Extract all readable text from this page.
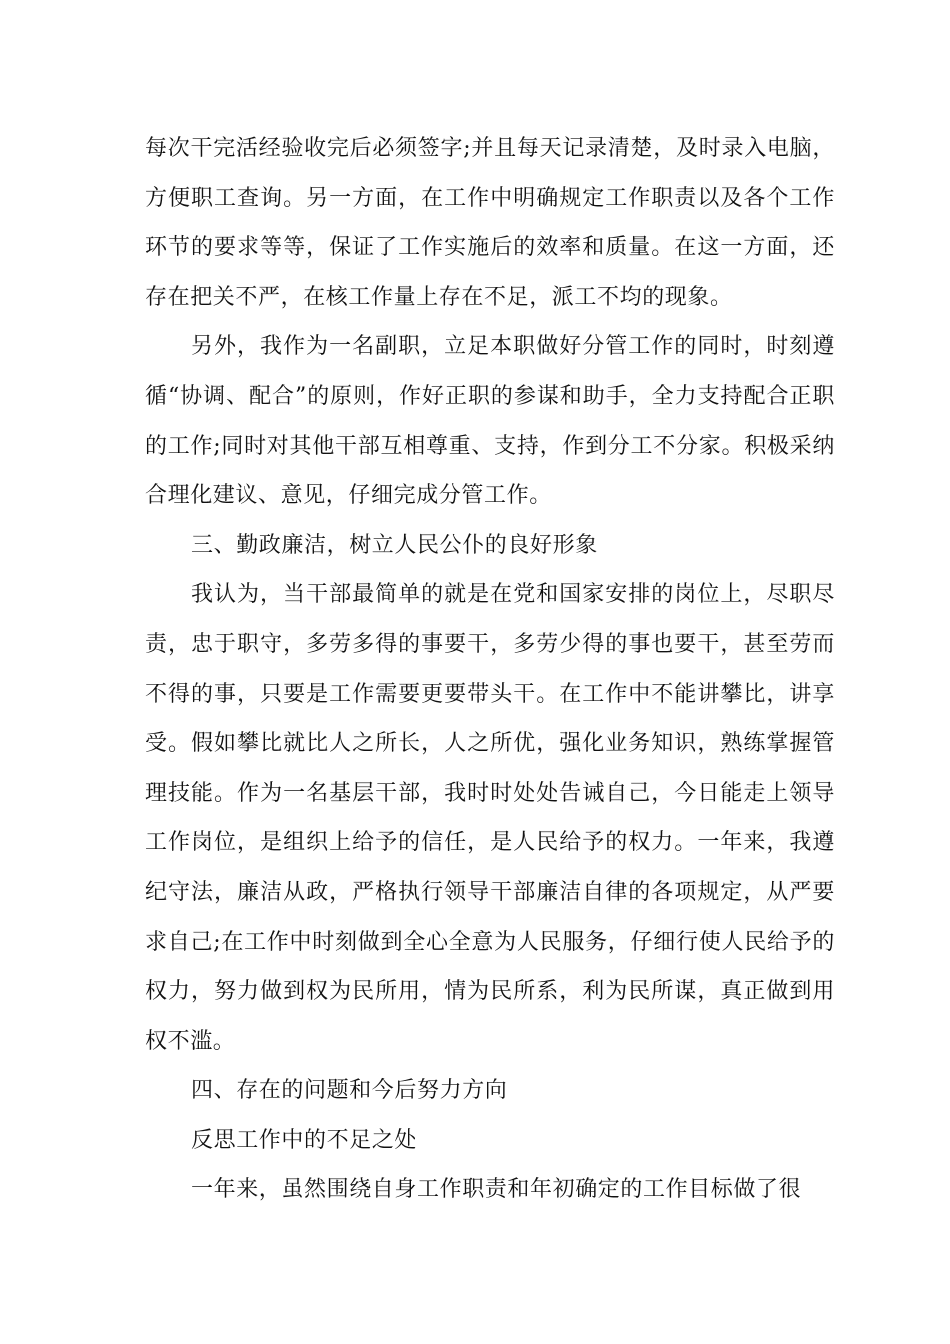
每次干完活经验收完后必须签字;并且每天记录清楚，及时录入电脑，方便职工查询。另一方面，在工作中明确规定工作职责以及各个工作环节的要求等等，保证了工作实施后的效率和质量。在这一方面，还存在把关不严，在核工作量上存在不足，派工不均的现象。

另外，我作为一名副职，立足本职做好分管工作的同时，时刻遵循“协调、配合”的原则，作好正职的参谋和助手，全力支持配合正职的工作;同时对其他干部互相尊重、支持，作到分工不分家。积极采纳合理化建议、意见，仔细完成分管工作。

三、勤政廉洁，树立人民公仆的良好形象

我认为，当干部最简单的就是在党和国家安排的岗位上，尽职尽责，忠于职守，多劳多得的事要干，多劳少得的事也要干，甚至劳而不得的事，只要是工作需要更要带头干。在工作中不能讲攀比，讲享受。假如攀比就比人之所长，人之所优，强化业务知识，熟练掌握管理技能。作为一名基层干部，我时时处处告诫自己，今日能走上领导工作岗位，是组织上给予的信任，是人民给予的权力。一年来，我遵纪守法，廉洁从政，严格执行领导干部廉洁自律的各项规定，从严要求自己;在工作中时刻做到全心全意为人民服务，仔细行使人民给予的权力，努力做到权为民所用，情为民所系，利为民所谋，真正做到用权不滥。

四、存在的问题和今后努力方向

反思工作中的不足之处

一年来，虽然围绕自身工作职责和年初确定的工作目标做了很
